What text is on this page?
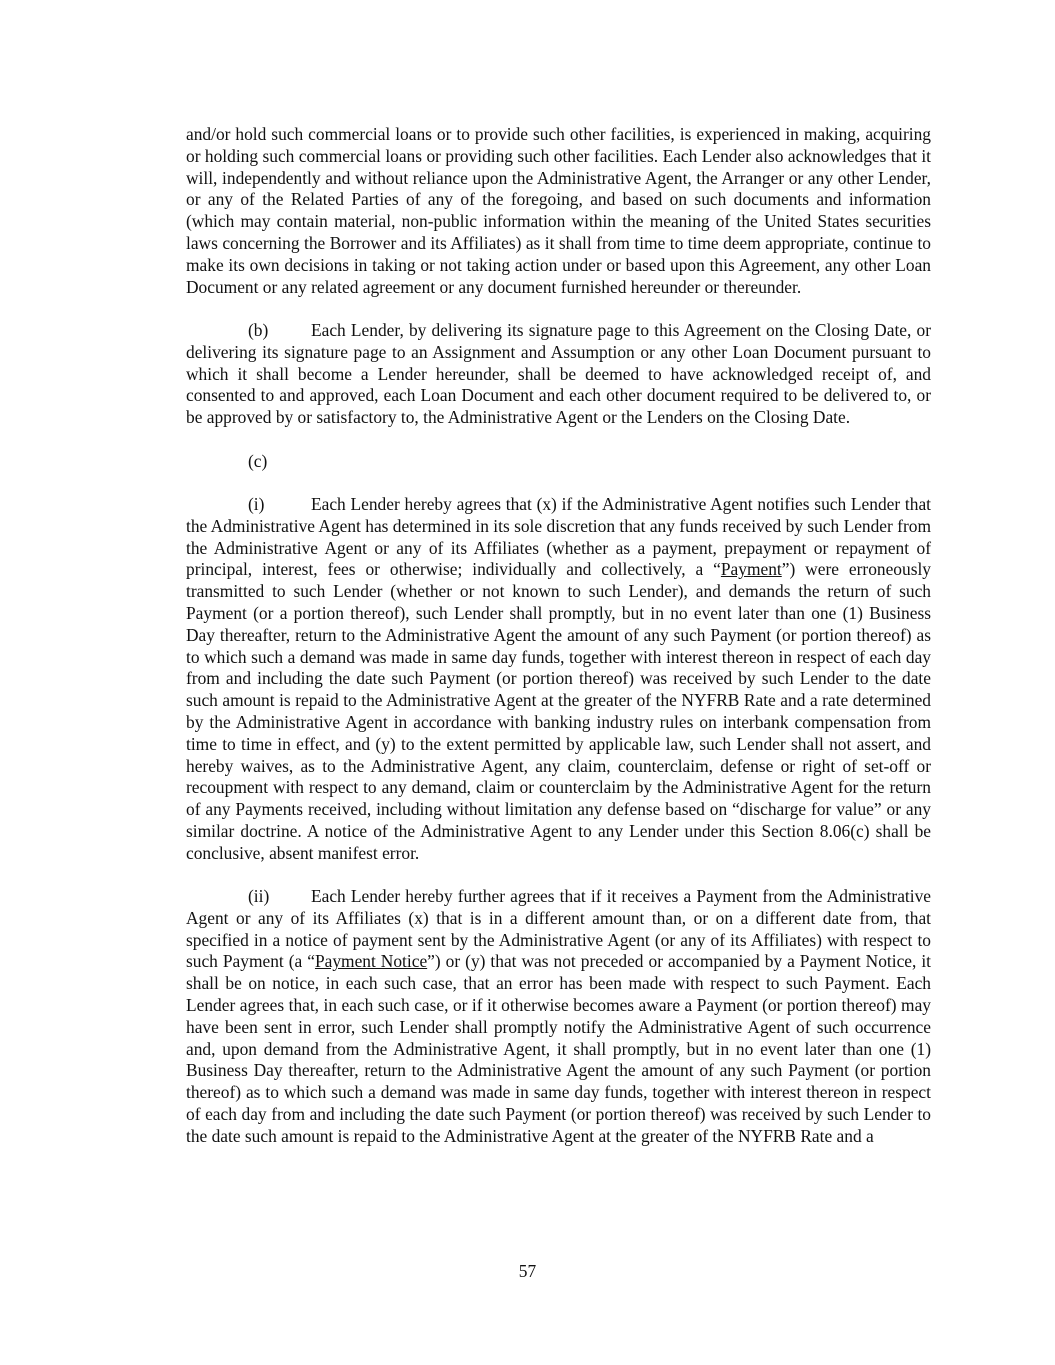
and/or hold such commercial loans or to provide such other facilities, is experienced in making, acquiring or holding such commercial loans or providing such other facilities. Each Lender also acknowledges that it will, independently and without reliance upon the Administrative Agent, the Arranger or any other Lender, or any of the Related Parties of any of the foregoing, and based on such documents and information (which may contain material, non-public information within the meaning of the United States securities laws concerning the Borrower and its Affiliates) as it shall from time to time deem appropriate, continue to make its own decisions in taking or not taking action under or based upon this Agreement, any other Loan Document or any related agreement or any document furnished hereunder or thereunder.

(b) Each Lender, by delivering its signature page to this Agreement on the Closing Date, or delivering its signature page to an Assignment and Assumption or any other Loan Document pursuant to which it shall become a Lender hereunder, shall be deemed to have acknowledged receipt of, and consented to and approved, each Loan Document and each other document required to be delivered to, or be approved by or satisfactory to, the Administrative Agent or the Lenders on the Closing Date.

(c)

(i)	Each Lender hereby agrees that (x) if the Administrative Agent notifies such Lender that the Administrative Agent has determined in its sole discretion that any funds received by such Lender from the Administrative Agent or any of its Affiliates (whether as a payment, prepayment or repayment of principal, interest, fees or otherwise; individually and collectively, a “Payment”) were erroneously transmitted to such Lender (whether or not known to such Lender), and demands the return of such Payment (or a portion thereof), such Lender shall promptly, but in no event later than one (1) Business Day thereafter, return to the Administrative Agent the amount of any such Payment (or portion thereof) as to which such a demand was made in same day funds, together with interest thereon in respect of each day from and including the date such Payment (or portion thereof) was received by such Lender to the date such amount is repaid to the Administrative Agent at the greater of the NYFRB Rate and a rate determined by the Administrative Agent in accordance with banking industry rules on interbank compensation from time to time in effect, and (y) to the extent permitted by applicable law, such Lender shall not assert, and hereby waives, as to the Administrative Agent, any claim, counterclaim, defense or right of set-off or recoupment with respect to any demand, claim or counterclaim by the Administrative Agent for the return of any Payments received, including without limitation any defense based on “discharge for value” or any similar doctrine. A notice of the Administrative Agent to any Lender under this Section 8.06(c) shall be conclusive, absent manifest error.

(ii) Each Lender hereby further agrees that if it receives a Payment from the Administrative Agent or any of its Affiliates (x) that is in a different amount than, or on a different date from, that specified in a notice of payment sent by the Administrative Agent (or any of its Affiliates) with respect to such Payment (a “Payment Notice”) or (y) that was not preceded or accompanied by a Payment Notice, it shall be on notice, in each such case, that an error has been made with respect to such Payment. Each Lender agrees that, in each such case, or if it otherwise becomes aware a Payment (or portion thereof) may have been sent in error, such Lender shall promptly notify the Administrative Agent of such occurrence and, upon demand from the Administrative Agent, it shall promptly, but in no event later than one (1) Business Day thereafter, return to the Administrative Agent the amount of any such Payment (or portion thereof) as to which such a demand was made in same day funds, together with interest thereon in respect of each day from and including the date such Payment (or portion thereof) was received by such Lender to the date such amount is repaid to the Administrative Agent at the greater of the NYFRB Rate and a

57
